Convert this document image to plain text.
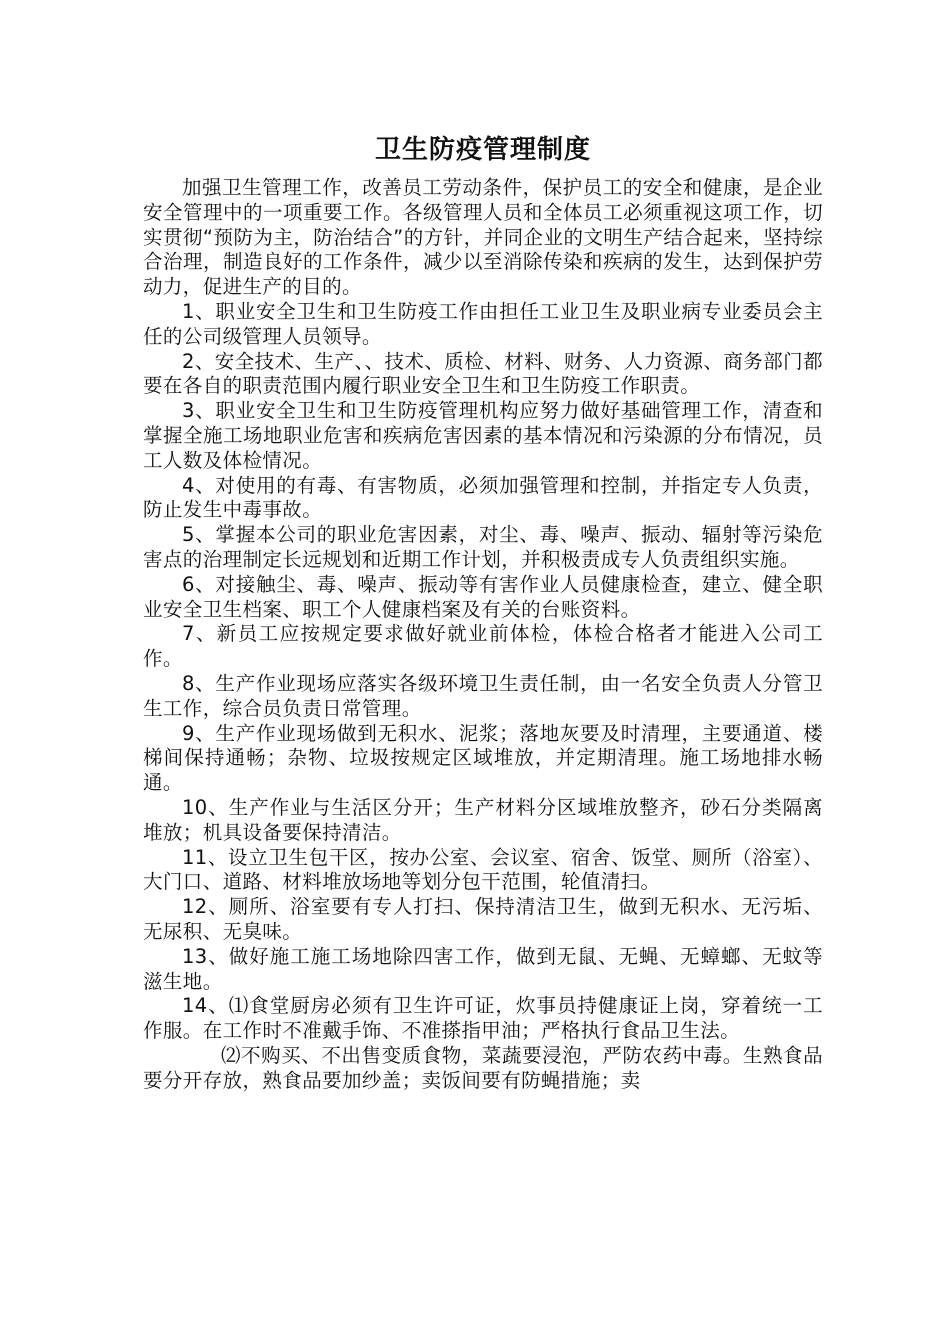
卫生防疫管理制度

加强卫生管理工作，改善员工劳动条件，保护员工的安全和健康，是企业安全管理中的一项重要工作。各级管理人员和全体员工必须重视这项工作，切实贯彻“预防为主，防治结合”的方针，并同企业的文明生产结合起来，坚持综合治理，制造良好的工作条件，减少以至消除传染和疾病的发生，达到保护劳动力，促进生产的目的。

1、职业安全卫生和卫生防疫工作由担任工业卫生及职业病专业委员会主任的公司级管理人员领导。

2、安全技术、生产、、技术、质检、材料、财务、人力资源、商务部门都要在各自的职责范围内履行职业安全卫生和卫生防疫工作职责。

3、职业安全卫生和卫生防疫管理机构应努力做好基础管理工作，清查和掌握全施工场地职业危害和疾病危害因素的基本情况和污染源的分布情况，员工人数及体检情况。

4、对使用的有毒、有害物质，必须加强管理和控制，并指定专人负责，防止发生中毒事故。

5、掌握本公司的职业危害因素，对尘、毒、噪声、振动、辐射等污染危害点的治理制定长远规划和近期工作计划，并积极责成专人负责组织实施。

6、对接触尘、毒、噪声、振动等有害作业人员健康检查，建立、健全职业安全卫生档案、职工个人健康档案及有关的台账资料。

7、新员工应按规定要求做好就业前体检，体检合格者才能进入公司工作。

8、生产作业现场应落实各级环境卫生责任制，由一名安全负责人分管卫生工作，综合员负责日常管理。

9、生产作业现场做到无积水、泥浆；落地灰要及时清理，主要通道、楼梯间保持通畅；杂物、垃圾按规定区域堆放，并定期清理。施工场地排水畅通。

10、生产作业与生活区分开；生产材料分区域堆放整齐，砂石分类隔离堆放；机具设备要保持清洁。

11、设立卫生包干区，按办公室、会议室、宿舍、饭堂、厕所（浴室）、大门口、道路、材料堆放场地等划分包干范围，轮值清扫。

12、厕所、浴室要有专人打扫、保持清洁卫生，做到无积水、无污垢、无尿积、无臭味。

13、做好施工施工场地除四害工作，做到无鼠、无蝇、无蟑螂、无蚊等滋生地。

14、⑴食堂厨房必须有卫生许可证，炊事员持健康证上岗，穿着统一工作服。在工作时不准戴手饰、不准搽指甲油；严格执行食品卫生法。

⑵不购买、不出售变质食物，菜蔬要浸泡，严防农药中毒。生熟食品要分开存放，熟食品要加纱盖；卖饭间要有防蝇措施；卖
